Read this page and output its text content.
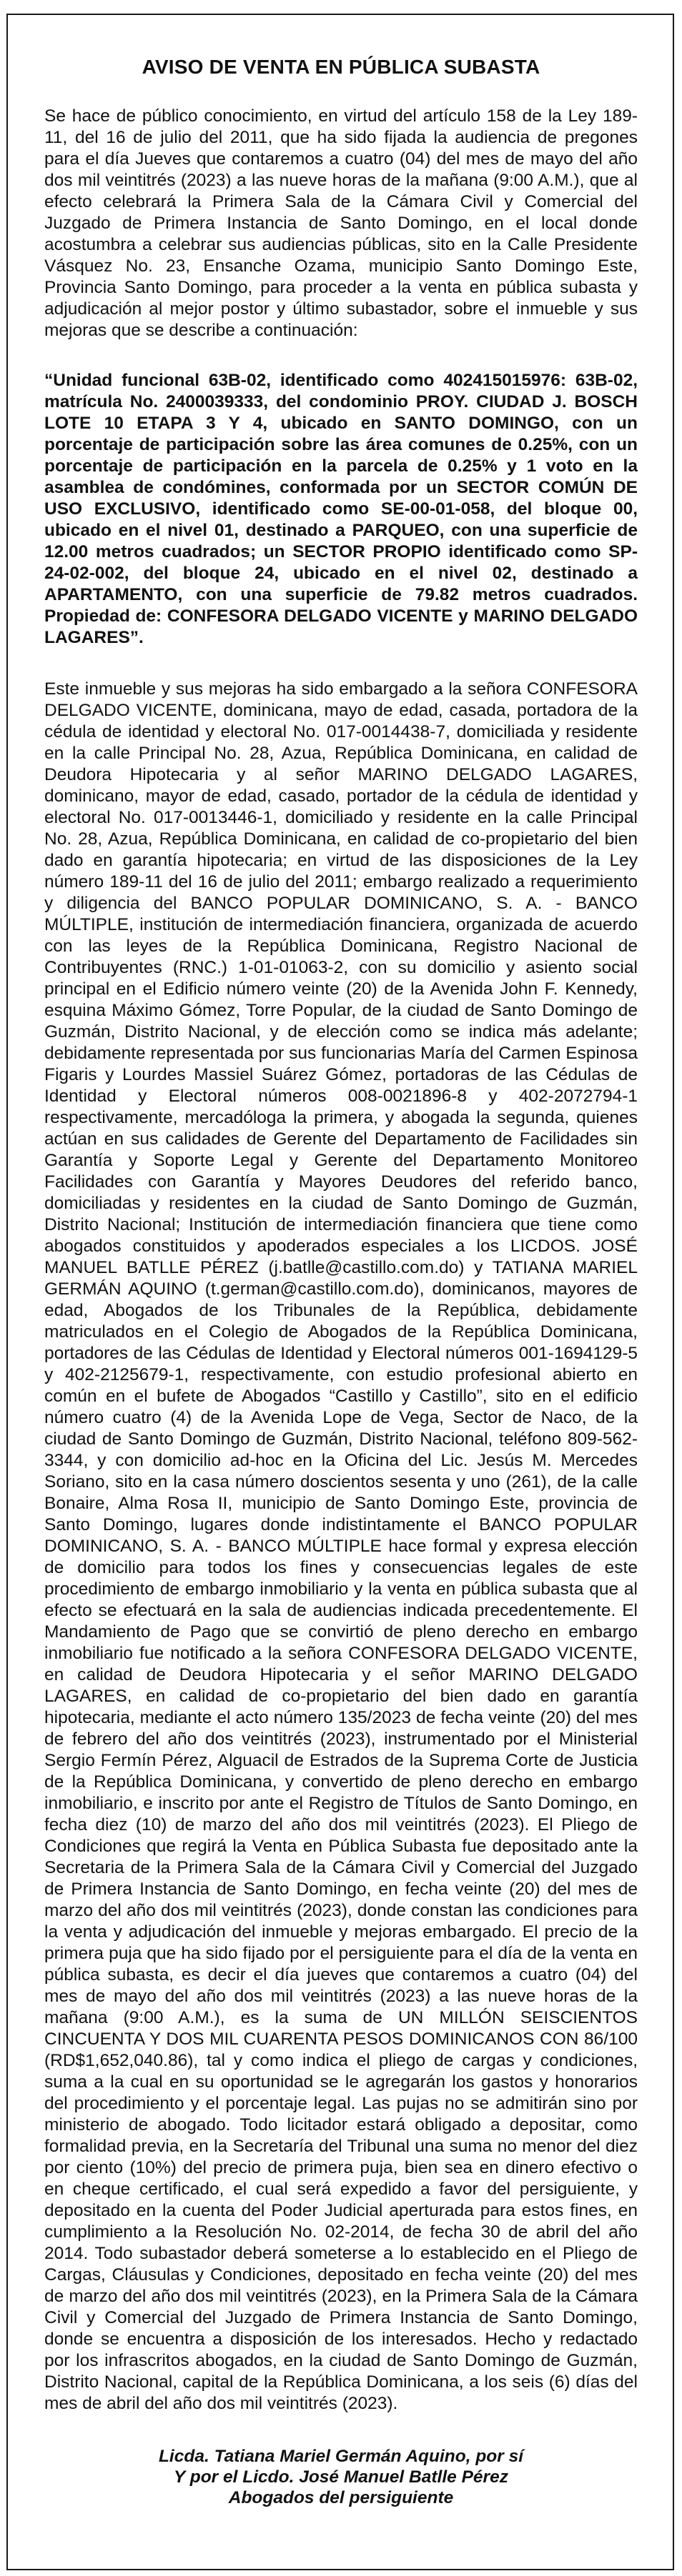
AVISO DE VENTA EN PÚBLICA SUBASTA

Se hace de público conocimiento, en virtud del artículo 158 de la Ley 189-11, del 16 de julio del 2011, que ha sido fijada la audiencia de pregones para el día Jueves que contaremos a cuatro (04) del mes de mayo del año dos mil veintitrés (2023) a las nueve horas de la mañana (9:00 A.M.), que al efecto celebrará la Primera Sala de la Cámara Civil y Comercial del Juzgado de Primera Instancia de Santo Domingo, en el local donde acostumbra a celebrar sus audiencias públicas, sito en la Calle Presidente Vásquez No. 23, Ensanche Ozama, municipio Santo Domingo Este, Provincia Santo Domingo, para proceder a la venta en pública subasta y adjudicación al mejor postor y último subastador, sobre el inmueble y sus mejoras que se describe a continuación:

“Unidad funcional 63B-02, identificado como 402415015976: 63B-02, matrícula No. 2400039333, del condominio PROY. CIUDAD J. BOSCH LOTE 10 ETAPA 3 Y 4, ubicado en SANTO DOMINGO, con un porcentaje de participación sobre las área comunes de 0.25%, con un porcentaje de participación en la parcela de 0.25% y 1 voto en la asamblea de condómines, conformada por un SECTOR COMÚN DE USO EXCLUSIVO, identificado como SE-00-01-058, del bloque 00, ubicado en el nivel 01, destinado a PARQUEO, con una superficie de 12.00 metros cuadrados; un SECTOR PROPIO identificado como SP-24-02-002, del bloque 24, ubicado en el nivel 02, destinado a APARTAMENTO, con una superficie de 79.82 metros cuadrados. Propiedad de: CONFESORA DELGADO VICENTE y MARINO DELGADO LAGARES”.

Este inmueble y sus mejoras ha sido embargado a la señora CONFESORA DELGADO VICENTE, dominicana, mayo de edad, casada, portadora de la cédula de identidad y electoral No. 017-0014438-7, domiciliada y residente en la calle Principal No. 28, Azua, República Dominicana, en calidad de Deudora Hipotecaria y al señor MARINO DELGADO LAGARES, dominicano, mayor de edad, casado, portador de la cédula de identidad y electoral No. 017-0013446-1, domiciliado y residente en la calle Principal No. 28, Azua, República Dominicana, en calidad de co-propietario del bien dado en garantía hipotecaria; en virtud de las disposiciones de la Ley número 189-11 del 16 de julio del 2011; embargo realizado a requerimiento y diligencia del BANCO POPULAR DOMINICANO, S. A. - BANCO MÚLTIPLE, institución de intermediación financiera, organizada de acuerdo con las leyes de la República Dominicana, Registro Nacional de Contribuyentes (RNC.) 1-01-01063-2, con su domicilio y asiento social principal en el Edificio número veinte (20) de la Avenida John F. Kennedy, esquina Máximo Gómez, Torre Popular, de la ciudad de Santo Domingo de Guzmán, Distrito Nacional, y de elección como se indica más adelante; debidamente representada por sus funcionarias María del Carmen Espinosa Figaris y Lourdes Massiel Suárez Gómez, portadoras de las Cédulas de Identidad y Electoral números 008-0021896-8 y 402-2072794-1 respectivamente, mercadóloga la primera, y abogada la segunda, quienes actúan en sus calidades de Gerente del Departamento de Facilidades sin Garantía y Soporte Legal y Gerente del Departamento Monitoreo Facilidades con Garantía y Mayores Deudores del referido banco, domiciliadas y residentes en la ciudad de Santo Domingo de Guzmán, Distrito Nacional; Institución de intermediación financiera que tiene como abogados constituidos y apoderados especiales a los LICDOS. JOSÉ MANUEL BATLLE PÉREZ (j.batlle@castillo.com.do) y TATIANA MARIEL GERMÁN AQUINO (t.german@castillo.com.do), dominicanos, mayores de edad, Abogados de los Tribunales de la República, debidamente matriculados en el Colegio de Abogados de la República Dominicana, portadores de las Cédulas de Identidad y Electoral números 001-1694129-5 y 402-2125679-1, respectivamente, con estudio profesional abierto en común en el bufete de Abogados “Castillo y Castillo”, sito en el edificio número cuatro (4) de la Avenida Lope de Vega, Sector de Naco, de la ciudad de Santo Domingo de Guzmán, Distrito Nacional, teléfono 809-562-3344, y con domicilio ad-hoc en la Oficina del Lic. Jesús M. Mercedes Soriano, sito en la casa número doscientos sesenta y uno (261), de la calle Bonaire, Alma Rosa II, municipio de Santo Domingo Este, provincia de Santo Domingo, lugares donde indistintamente el BANCO POPULAR DOMINICANO, S. A. - BANCO MÚLTIPLE hace formal y expresa elección de domicilio para todos los fines y consecuencias legales de este procedimiento de embargo inmobiliario y la venta en pública subasta que al efecto se efectuará en la sala de audiencias indicada precedentemente. El Mandamiento de Pago que se convirtió de pleno derecho en embargo inmobiliario fue notificado a la señora CONFESORA DELGADO VICENTE, en calidad de Deudora Hipotecaria y el señor MARINO DELGADO LAGARES, en calidad de co-propietario del bien dado en garantía hipotecaria, mediante el acto número 135/2023 de fecha veinte (20) del mes de febrero del año dos veintitrés (2023), instrumentado por el Ministerial Sergio Fermín Pérez, Alguacil de Estrados de la Suprema Corte de Justicia de la República Dominicana, y convertido de pleno derecho en embargo inmobiliario, e inscrito por ante el Registro de Títulos de Santo Domingo, en fecha diez (10) de marzo del año dos mil veintitrés (2023). El Pliego de Condiciones que regirá la Venta en Pública Subasta fue depositado ante la Secretaria de la Primera Sala de la Cámara Civil y Comercial del Juzgado de Primera Instancia de Santo Domingo, en fecha veinte (20) del mes de marzo del año dos mil veintitrés (2023), donde constan las condiciones para la venta y adjudicación del inmueble y mejoras embargado. El precio de la primera puja que ha sido fijado por el persiguiente para el día de la venta en pública subasta, es decir el día jueves que contaremos a cuatro (04) del mes de mayo del año dos mil veintitrés (2023) a las nueve horas de la mañana (9:00 A.M.), es la suma de UN MILLÓN SEISCIENTOS CINCUENTA Y DOS MIL CUARENTA PESOS DOMINICANOS CON 86/100 (RD$1,652,040.86), tal y como indica el pliego de cargas y condiciones, suma a la cual en su oportunidad se le agregarán los gastos y honorarios del procedimiento y el porcentaje legal. Las pujas no se admitirán sino por ministerio de abogado. Todo licitador estará obligado a depositar, como formalidad previa, en la Secretaría del Tribunal una suma no menor del diez por ciento (10%) del precio de primera puja, bien sea en dinero efectivo o en cheque certificado, el cual será expedido a favor del persiguiente, y depositado en la cuenta del Poder Judicial aperturada para estos fines, en cumplimiento a la Resolución No. 02-2014, de fecha 30 de abril del año 2014. Todo subastador deberá someterse a lo establecido en el Pliego de Cargas, Cláusulas y Condiciones, depositado en fecha veinte (20) del mes de marzo del año dos mil veintitrés (2023), en la Primera Sala de la Cámara Civil y Comercial del Juzgado de Primera Instancia de Santo Domingo, donde se encuentra a disposición de los interesados. Hecho y redactado por los infrascritos abogados, en la ciudad de Santo Domingo de Guzmán, Distrito Nacional, capital de la República Dominicana, a los seis (6) días del mes de abril del año dos mil veintitrés (2023).

Licda. Tatiana Mariel Germán Aquino, por sí
Y por el Licdo. José Manuel Batlle Pérez
Abogados del persiguiente
